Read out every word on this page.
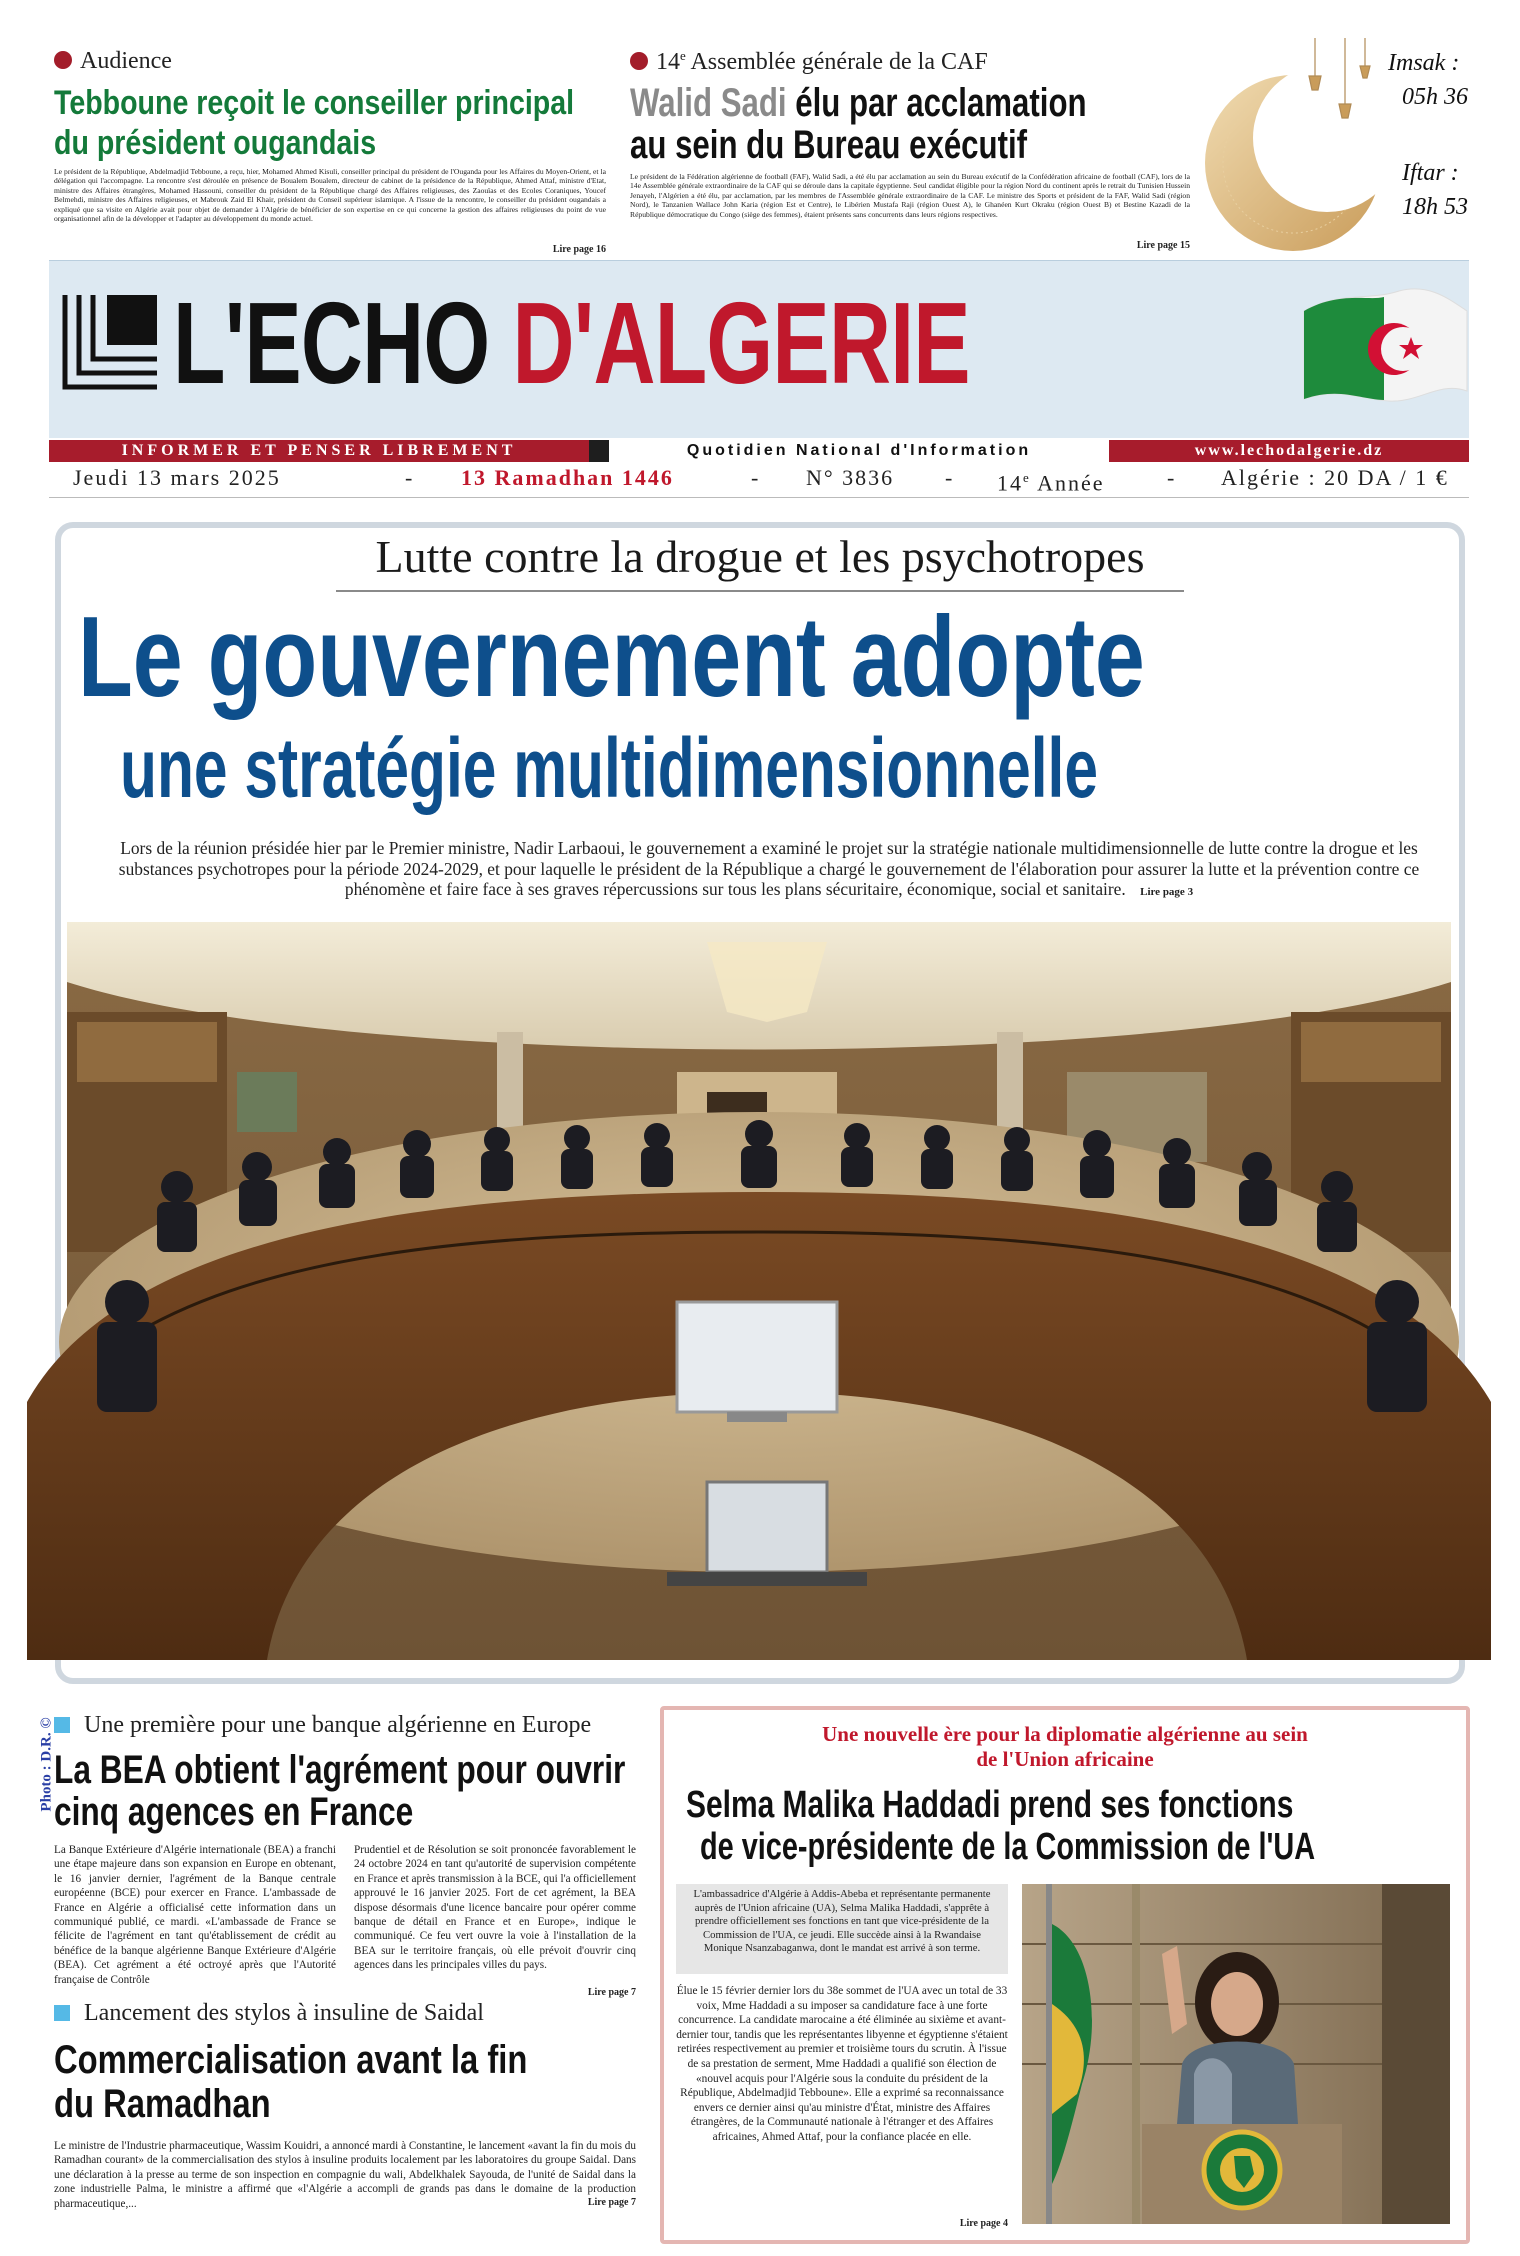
Audience
Tebboune reçoit le conseiller principal
du président ougandais
Le président de la République, Abdelmadjid Tebboune, a reçu, hier, Mohamed Ahmed Kisuli, conseiller principal du président de l'Ouganda pour les Affaires du Moyen-Orient, et la délégation qui l'accompagne. La rencontre s'est déroulée en présence de Boualem Boualem, directeur de cabinet de la présidence de la République, Ahmed Attaf, ministre d'Etat, ministre des Affaires étrangères, Mohamed Hassouni, conseiller du président de la République chargé des Affaires religieuses, des Zaouïas et des Ecoles Coraniques, Youcef Belmehdi, ministre des Affaires religieuses, et Mabrouk Zaid El Khair, président du Conseil supérieur islamique. A l'issue de la rencontre, le conseiller du président ougandais a expliqué que sa visite en Algérie avait pour objet de demander à l'Algérie de bénéficier de son expertise en ce qui concerne la gestion des affaires religieuses du point de vue organisationnel afin de la développer et l'adapter au développement du monde actuel.
Lire page 16
14e Assemblée générale de la CAF
Walid Sadi élu par acclamation
au sein du Bureau exécutif
Le président de la Fédération algérienne de football (FAF), Walid Sadi, a été élu par acclamation au sein du Bureau exécutif de la Confédération africaine de football (CAF), lors de la 14e Assemblée générale extraordinaire de la CAF qui se déroule dans la capitale égyptienne. Seul candidat éligible pour la région Nord du continent après le retrait du Tunisien Hussein Jenayeh, l'Algérien a été élu, par acclamation, par les membres de l'Assemblée générale extraordinaire de la CAF. Le ministre des Sports et président de la FAF, Walid Sadi (région Nord), le Tanzanien Wallace John Karia (région Est et Centre), le Libérien Mustafa Raji (région Ouest A), le Ghanéen Kurt Okraku (région Ouest B) et Bestine Kazadi de la République démocratique du Congo (siège des femmes), étaient présents sans concurrents dans leurs régions respectives.
Lire page 15
Imsak :
05h 36
Iftar :
18h 53
L'ECHO D'ALGERIE
INFORMER ET PENSER LIBREMENT	Quotidien National d'Information	www.lechodalgerie.dz
Jeudi 13 mars 2025	- 13 Ramadhan 1446	- N° 3836 - 14e Année	- Algérie : 20 DA / 1 €
Lutte contre la drogue et les psychotropes
Le gouvernement adopte
une stratégie multidimensionnelle
Lors de la réunion présidée hier par le Premier ministre, Nadir Larbaoui, le gouvernement a examiné le projet sur la stratégie nationale multidimensionnelle de lutte contre la drogue et les substances psychotropes pour la période 2024-2029, et pour laquelle le président de la République a chargé le gouvernement de l'élaboration pour assurer la lutte et la prévention contre ce phénomène et faire face à ses graves répercussions sur tous les plans sécuritaire, économique, social et sanitaire. Lire page 3
Photo : D.R. ©	Une première pour une banque algérienne en Europe
La BEA obtient l'agrément pour ouvrir
cinq agences en France
La Banque Extérieure d'Algérie internationale (BEA) a franchi une étape majeure dans son expansion en Europe en obtenant, le 16 janvier dernier, l'agrément de la Banque centrale européenne (BCE) pour exercer en France. L'ambassade de France en Algérie a officialisé cette information dans un communiqué publié, ce mardi. «L'ambassade de France se félicite de l'agrément en tant qu'établissement de crédit au bénéfice de la banque algérienne Banque Extérieure d'Algérie (BEA). Cet agrément a été octroyé après que l'Autorité française de Contrôle
Prudentiel et de Résolution se soit prononcée favorablement le 24 octobre 2024 en tant qu'autorité de supervision compétente en France et après transmission à la BCE, qui l'a officiellement approuvé le 16 janvier 2025. Fort de cet agrément, la BEA dispose désormais d'une licence bancaire pour opérer comme banque de détail en France et en Europe», indique le communiqué. Ce feu vert ouvre la voie à l'installation de la BEA sur le territoire français, où elle prévoit d'ouvrir cinq agences dans les principales villes du pays.
Lire page 7
Lancement des stylos à insuline de Saidal
Commercialisation avant la fin
du Ramadhan
Le ministre de l'Industrie pharmaceutique, Wassim Kouidri, a annoncé mardi à Constantine, le lancement «avant la fin du mois du Ramadhan courant» de la commercialisation des stylos à insuline produits localement par les laboratoires du groupe Saidal. Dans une déclaration à la presse au terme de son inspection en compagnie du wali, Abdelkhalek Sayouda, de l'unité de Saidal dans la zone industrielle Palma, le ministre a affirmé que «l'Algérie a accompli de grands pas dans le domaine de la production pharmaceutique,...	Lire page 7
Une nouvelle ère pour la diplomatie algérienne au sein
de l'Union africaine
Selma Malika Haddadi prend ses fonctions
de vice-présidente de la Commission de l'UA
L'ambassadrice d'Algérie à Addis-Abeba et représentante permanente auprès de l'Union africaine (UA), Selma Malika Haddadi, s'apprête à prendre officiellement ses fonctions en tant que vice-présidente de la Commission de l'UA, ce jeudi. Elle succède ainsi à la Rwandaise Monique Nsanzabaganwa, dont le mandat est arrivé à son terme.
Élue le 15 février dernier lors du 38e sommet de l'UA avec un total de 33 voix, Mme Haddadi a su imposer sa candidature face à une forte concurrence. La candidate marocaine a été éliminée au sixième et avant-dernier tour, tandis que les représentantes libyenne et égyptienne s'étaient retirées respectivement au premier et troisième tours du scrutin. À l'issue de sa prestation de serment, Mme Haddadi a qualifié son élection de «nouvel acquis pour l'Algérie sous la conduite du président de la République, Abdelmadjid Tebboune». Elle a exprimé sa reconnaissance envers ce dernier ainsi qu'au ministre d'État, ministre des Affaires étrangères, de la Communauté nationale à l'étranger et des Affaires africaines, Ahmed Attaf, pour la confiance placée en elle.
Lire page 4
